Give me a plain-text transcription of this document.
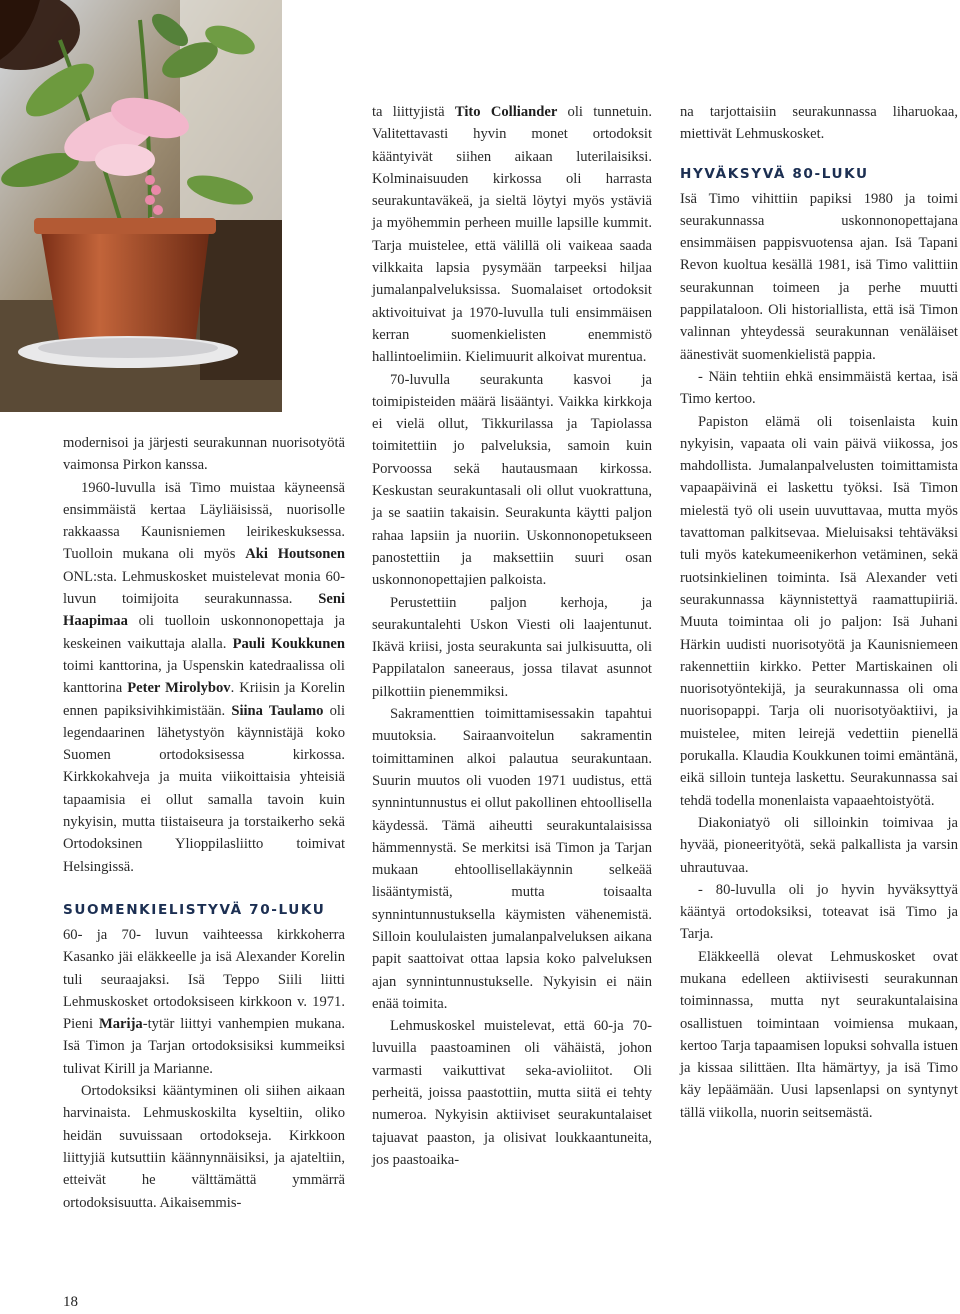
modernisoi ja järjesti seurakunnan nuorisotyötä vaimonsa Pirkon kanssa.

1960-luvulla isä Timo muistaa käyneensä ensimmäistä kertaa Läyliäisissä, nuorisolle rakkaassa Kaunisniemen leirikeskuksessa. Tuolloin mukana oli myös Aki Houtsonen ONL:sta. Lehmuskosket muistelevat monia 60-luvun toimijoita seurakunnassa. Seni Haapimaa oli tuolloin uskonnonopettaja ja keskeinen vaikuttaja alalla. Pauli Koukkunen toimi kanttorina, ja Uspenskin katedraalissa oli kanttorina Peter Mirolybov. Kriisin ja Korelin ennen papiksivihkimistään. Siina Taulamo oli legendaarinen lähetystyön käynnistäjä koko Suomen ortodoksisessa kirkossa. Kirkkokahveja ja muita viikoittaisia yhteisiä tapaamisia ei ollut samalla tavoin kuin nykyisin, mutta tiistaiseura ja torstaikerho sekä Ortodoksinen Ylioppilasliitto toimivat Helsingissä.

SUOMENKIELISTYVÄ 70-LUKU

60- ja 70- luvun vaihteessa kirkkoherra Kasanko jäi eläkkeelle ja isä Alexander Korelin tuli seuraajaksi. Isä Teppo Siili liitti Lehmuskosket ortodoksiseen kirkkoon v. 1971. Pieni Marija-tytär liittyi vanhempien mukana. Isä Timon ja Tarjan ortodoksisiksi kummeiksi tulivat Kirill ja Marianne.

Ortodoksiksi kääntyminen oli siihen aikaan harvinaista. Lehmuskoskilta kyseltiin, oliko heidän suvuissaan ortodokseja. Kirkkoon liittyjiä kutsuttiin käännynnäisiksi, ja ajateltiin, etteivät he välttämättä ymmärrä ortodoksisuutta. Aikaisemmis-

ta liittyjistä Tito Colliander oli tunnetuin. Valitettavasti hyvin monet ortodoksit kääntyivät siihen aikaan luterilaisiksi. Kolminaisuuden kirkossa oli harrasta seurakuntaväkeä, ja sieltä löytyi myös ystäviä ja myöhemmin perheen muille lapsille kummit. Tarja muistelee, että välillä oli vaikeaa saada vilkkaita lapsia pysymään tarpeeksi hiljaa jumalanpalveluksissa. Suomalaiset ortodoksit aktivoituivat ja 1970-luvulla tuli ensimmäisen kerran suomenkielisten enemmistö hallintoelimiin. Kielimuurit alkoivat murentua.

70-luvulla seurakunta kasvoi ja toimipisteiden määrä lisääntyi. Vaikka kirkkoja ei vielä ollut, Tikkurilassa ja Tapiolassa toimitettiin jo palveluksia, samoin kuin Porvoossa sekä hautausmaan kirkossa. Keskustan seurakuntasali oli ollut vuokrattuna, ja se saatiin takaisin. Seurakunta käytti paljon rahaa lapsiin ja nuoriin. Uskonnonopetukseen panostettiin ja maksettiin suuri osan uskonnonopettajien palkoista.

Perustettiin paljon kerhoja, ja seurakuntalehti Uskon Viesti oli laajentunut. Ikävä kriisi, josta seurakunta sai julkisuutta, oli Pappilatalon saneeraus, jossa tilavat asunnot pilkottiin pienemmiksi.

Sakramenttien toimittamisessakin tapahtui muutoksia. Sairaanvoitelun sakramentin toimittaminen alkoi palautua seurakuntaan. Suurin muutos oli vuoden 1971 uudistus, että synnintunnustus ei ollut pakollinen ehtoollisella käydessä. Tämä aiheutti seurakuntalaisissa hämmennystä. Se merkitsi isä Timon ja Tarjan mukaan ehtoollisellakäynnin selkeää lisääntymistä, mutta toisaalta synnintunnustuksella käymisten vähenemistä. Silloin koululaisten jumalanpalveluksen aikana papit saattoivat ottaa lapsia koko palveluksen ajan synnintunnustukselle. Nykyisin ei näin enää toimita.

Lehmuskoskel muistelevat, että 60-ja 70- luvuilla paastoaminen oli vähäistä, johon varmasti vaikuttivat seka-avioliitot. Oli perheitä, joissa paastottiin, mutta siitä ei tehty numeroa. Nykyisin aktiiviset seurakuntalaiset tajuavat paaston, ja olisivat loukkaantuneita, jos paastoaika-

na tarjottaisiin seurakunnassa liharuokaa, miettivät Lehmuskosket.

HYVÄKSYVÄ 80-LUKU

Isä Timo vihittiin papiksi 1980 ja toimi seurakunnassa uskonnonopettajana ensimmäisen pappisvuotensa ajan. Isä Tapani Revon kuoltua kesällä 1981, isä Timo valittiin seurakunnan toimeen ja perhe muutti pappilataloon. Oli historiallista, että isä Timon valinnan yhteydessä seurakunnan venäläiset äänestivät suomenkielistä pappia.

- Näin tehtiin ehkä ensimmäistä kertaa, isä Timo kertoo.

Papiston elämä oli toisenlaista kuin nykyisin, vapaata oli vain päivä viikossa, jos mahdollista. Jumalanpalvelusten toimittamista vapaapäivinä ei laskettu työksi. Isä Timon mielestä työ oli usein uuvuttavaa, mutta myös tavattoman palkitsevaa. Mieluisaksi tehtäväksi tuli myös katekumeenikerhon vetäminen, sekä ruotsinkielinen toiminta. Isä Alexander veti seurakunnassa käynnistettyä raamattupiiriä. Muuta toimintaa oli jo paljon: Isä Juhani Härkin uudisti nuorisotyötä ja Kaunisniemeen rakennettiin kirkko. Petter Martiskainen oli nuorisotyöntekijä, ja seurakunnassa oli oma nuorisopappi. Tarja oli nuorisotyöaktiivi, ja muistelee, miten leirejä vedettiin pienellä porukalla. Klaudia Koukkunen toimi emäntänä, eikä silloin tunteja laskettu. Seurakunnassa sai tehdä todella monenlaista vapaaehtoistyötä.

Diakoniatyö oli silloinkin toimivaa ja hyvää, pioneerityötä, sekä palkallista ja varsin uhrautuvaa.

- 80-luvulla oli jo hyvin hyväksyttyä kääntyä ortodoksiksi, toteavat isä Timo ja Tarja.

Eläkkeellä olevat Lehmuskosket ovat mukana edelleen aktiivisesti seurakunnan toiminnassa, mutta nyt seurakuntalaisina osallistuen toimintaan voimiensa mukaan, kertoo Tarja tapaamisen lopuksi sohvalla istuen ja kissaa silittäen. Ilta hämärtyy, ja isä Timo käy lepäämään. Uusi lapsenlapsi on syntynyt tällä viikolla, nuorin seitsemästä.

18
